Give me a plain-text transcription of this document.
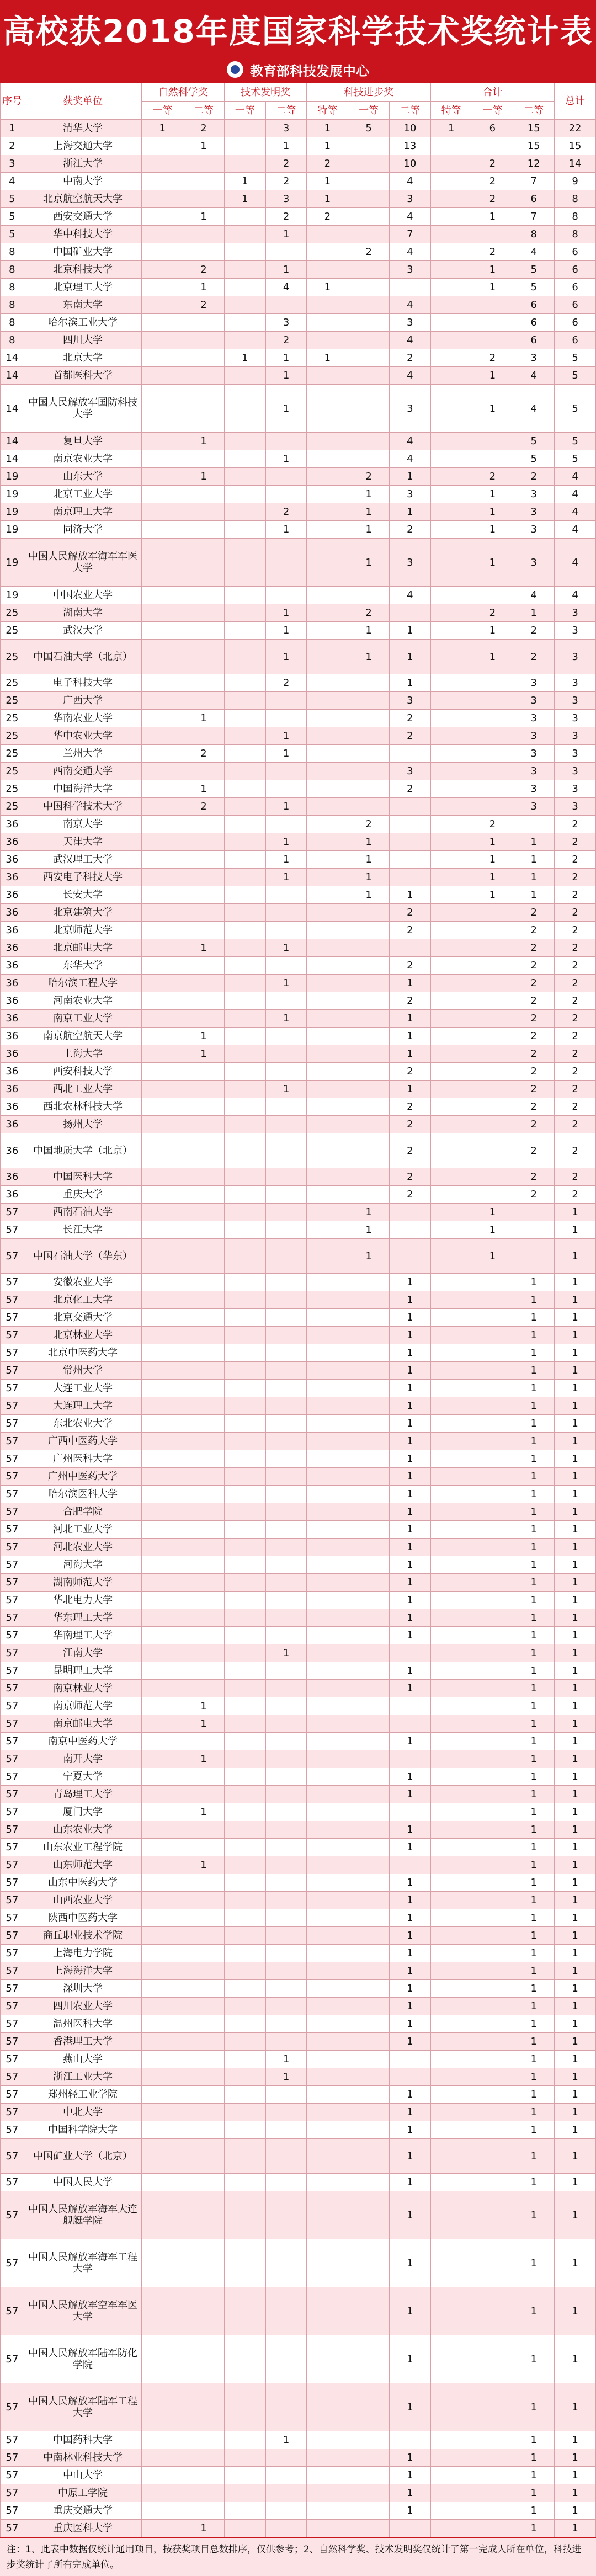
高校获2018年度国家科学技术奖统计表
教育部科技发展中心
序号	获奖单位	自然科学奖		技术发明奖		科技进步奖			合计			总计
		一等	二等	一等	二等	特等	一等	二等	特等	一等	二等	
1	清华大学	1	2		3	1	5	10	1	6	15	22
2	上海交通大学		1		1	1		13			15	15
3	浙江大学				2	2		10		2	12	14
4	中南大学			1	2	1		4		2	7	9
5	北京航空航天大学			1	3	1		3		2	6	8
5	西安交通大学		1		2	2		4		1	7	8
5	华中科技大学				1			7			8	8
8	中国矿业大学						2	4		2	4	6
8	北京科技大学		2		1			3		1	5	6
8	北京理工大学		1		4	1				1	5	6
8	东南大学		2					4			6	6
8	哈尔滨工业大学				3			3			6	6
8	四川大学				2			4			6	6
14	北京大学			1	1	1		2		2	3	5
14	首都医科大学				1			4		1	4	5
14	中国人民解放军国防科技大学				1			3		1	4	5
14	复旦大学		1					4			5	5
14	南京农业大学				1			4			5	5
19	山东大学		1				2	1		2	2	4
19	北京工业大学						1	3		1	3	4
19	南京理工大学				2		1	1		1	3	4
19	同济大学				1		1	2		1	3	4
19	中国人民解放军海军军医大学						1	3		1	3	4
19	中国农业大学							4			4	4
25	湖南大学				1		2			2	1	3
25	武汉大学				1		1	1		1	2	3
25	中国石油大学（北京）				1		1	1		1	2	3
25	电子科技大学				2			1			3	3
25	广西大学							3			3	3
25	华南农业大学		1					2			3	3
25	华中农业大学				1			2			3	3
25	兰州大学		2		1						3	3
25	西南交通大学							3			3	3
25	中国海洋大学		1					2			3	3
25	中国科学技术大学		2		1						3	3
36	南京大学						2			2		2
36	天津大学				1		1			1	1	2
36	武汉理工大学				1		1			1	1	2
36	西安电子科技大学				1		1			1	1	2
36	长安大学						1	1		1	1	2
36	北京建筑大学							2			2	2
36	北京师范大学							2			2	2
36	北京邮电大学		1		1						2	2
36	东华大学							2			2	2
36	哈尔滨工程大学				1			1			2	2
36	河南农业大学							2			2	2
36	南京工业大学				1			1			2	2
36	南京航空航天大学		1					1			2	2
36	上海大学		1					1			2	2
36	西安科技大学							2			2	2
36	西北工业大学				1			1			2	2
36	西北农林科技大学							2			2	2
36	扬州大学							2			2	2
36	中国地质大学（北京）							2			2	2
36	中国医科大学							2			2	2
36	重庆大学							2			2	2
57	西南石油大学						1			1		1
57	长江大学						1			1		1
57	中国石油大学（华东）						1			1		1
57	安徽农业大学							1			1	1
57	北京化工大学							1			1	1
57	北京交通大学							1			1	1
57	北京林业大学							1			1	1
57	北京中医药大学							1			1	1
57	常州大学							1			1	1
57	大连工业大学							1			1	1
57	大连理工大学							1			1	1
57	东北农业大学							1			1	1
57	广西中医药大学							1			1	1
57	广州医科大学							1			1	1
57	广州中医药大学							1			1	1
57	哈尔滨医科大学							1			1	1
57	合肥学院							1			1	1
57	河北工业大学							1			1	1
57	河北农业大学							1			1	1
57	河海大学							1			1	1
57	湖南师范大学							1			1	1
57	华北电力大学							1			1	1
57	华东理工大学							1			1	1
57	华南理工大学							1			1	1
57	江南大学				1						1	1
57	昆明理工大学							1			1	1
57	南京林业大学							1			1	1
57	南京师范大学		1								1	1
57	南京邮电大学		1								1	1
57	南京中医药大学							1			1	1
57	南开大学		1								1	1
57	宁夏大学							1			1	1
57	青岛理工大学							1			1	1
57	厦门大学		1								1	1
57	山东农业大学							1			1	1
57	山东农业工程学院							1			1	1
57	山东师范大学		1								1	1
57	山东中医药大学							1			1	1
57	山西农业大学							1			1	1
57	陕西中医药大学							1			1	1
57	商丘职业技术学院							1			1	1
57	上海电力学院							1			1	1
57	上海海洋大学							1			1	1
57	深圳大学							1			1	1
57	四川农业大学							1			1	1
57	温州医科大学							1			1	1
57	香港理工大学							1			1	1
57	燕山大学				1						1	1
57	浙江工业大学				1						1	1
57	郑州轻工业学院							1			1	1
57	中北大学							1			1	1
57	中国科学院大学							1			1	1
57	中国矿业大学（北京）							1			1	1
57	中国人民大学							1			1	1
57	中国人民解放军海军大连舰艇学院							1			1	1
57	中国人民解放军海军工程大学							1			1	1
57	中国人民解放军空军军医大学							1			1	1
57	中国人民解放军陆军防化学院							1			1	1
57	中国人民解放军陆军工程大学							1			1	1
57	中国药科大学				1						1	1
57	中南林业科技大学							1			1	1
57	中山大学							1			1	1
57	中原工学院							1			1	1
57	重庆交通大学							1			1	1
57	重庆医科大学		1								1	1
注：1、此表中数据仅统计通用项目，按获奖项目总数排序，仅供参考；2、自然科学奖、技术发明奖仅统计了第一完成人所在单位，科技进步奖统计了所有完成单位。
